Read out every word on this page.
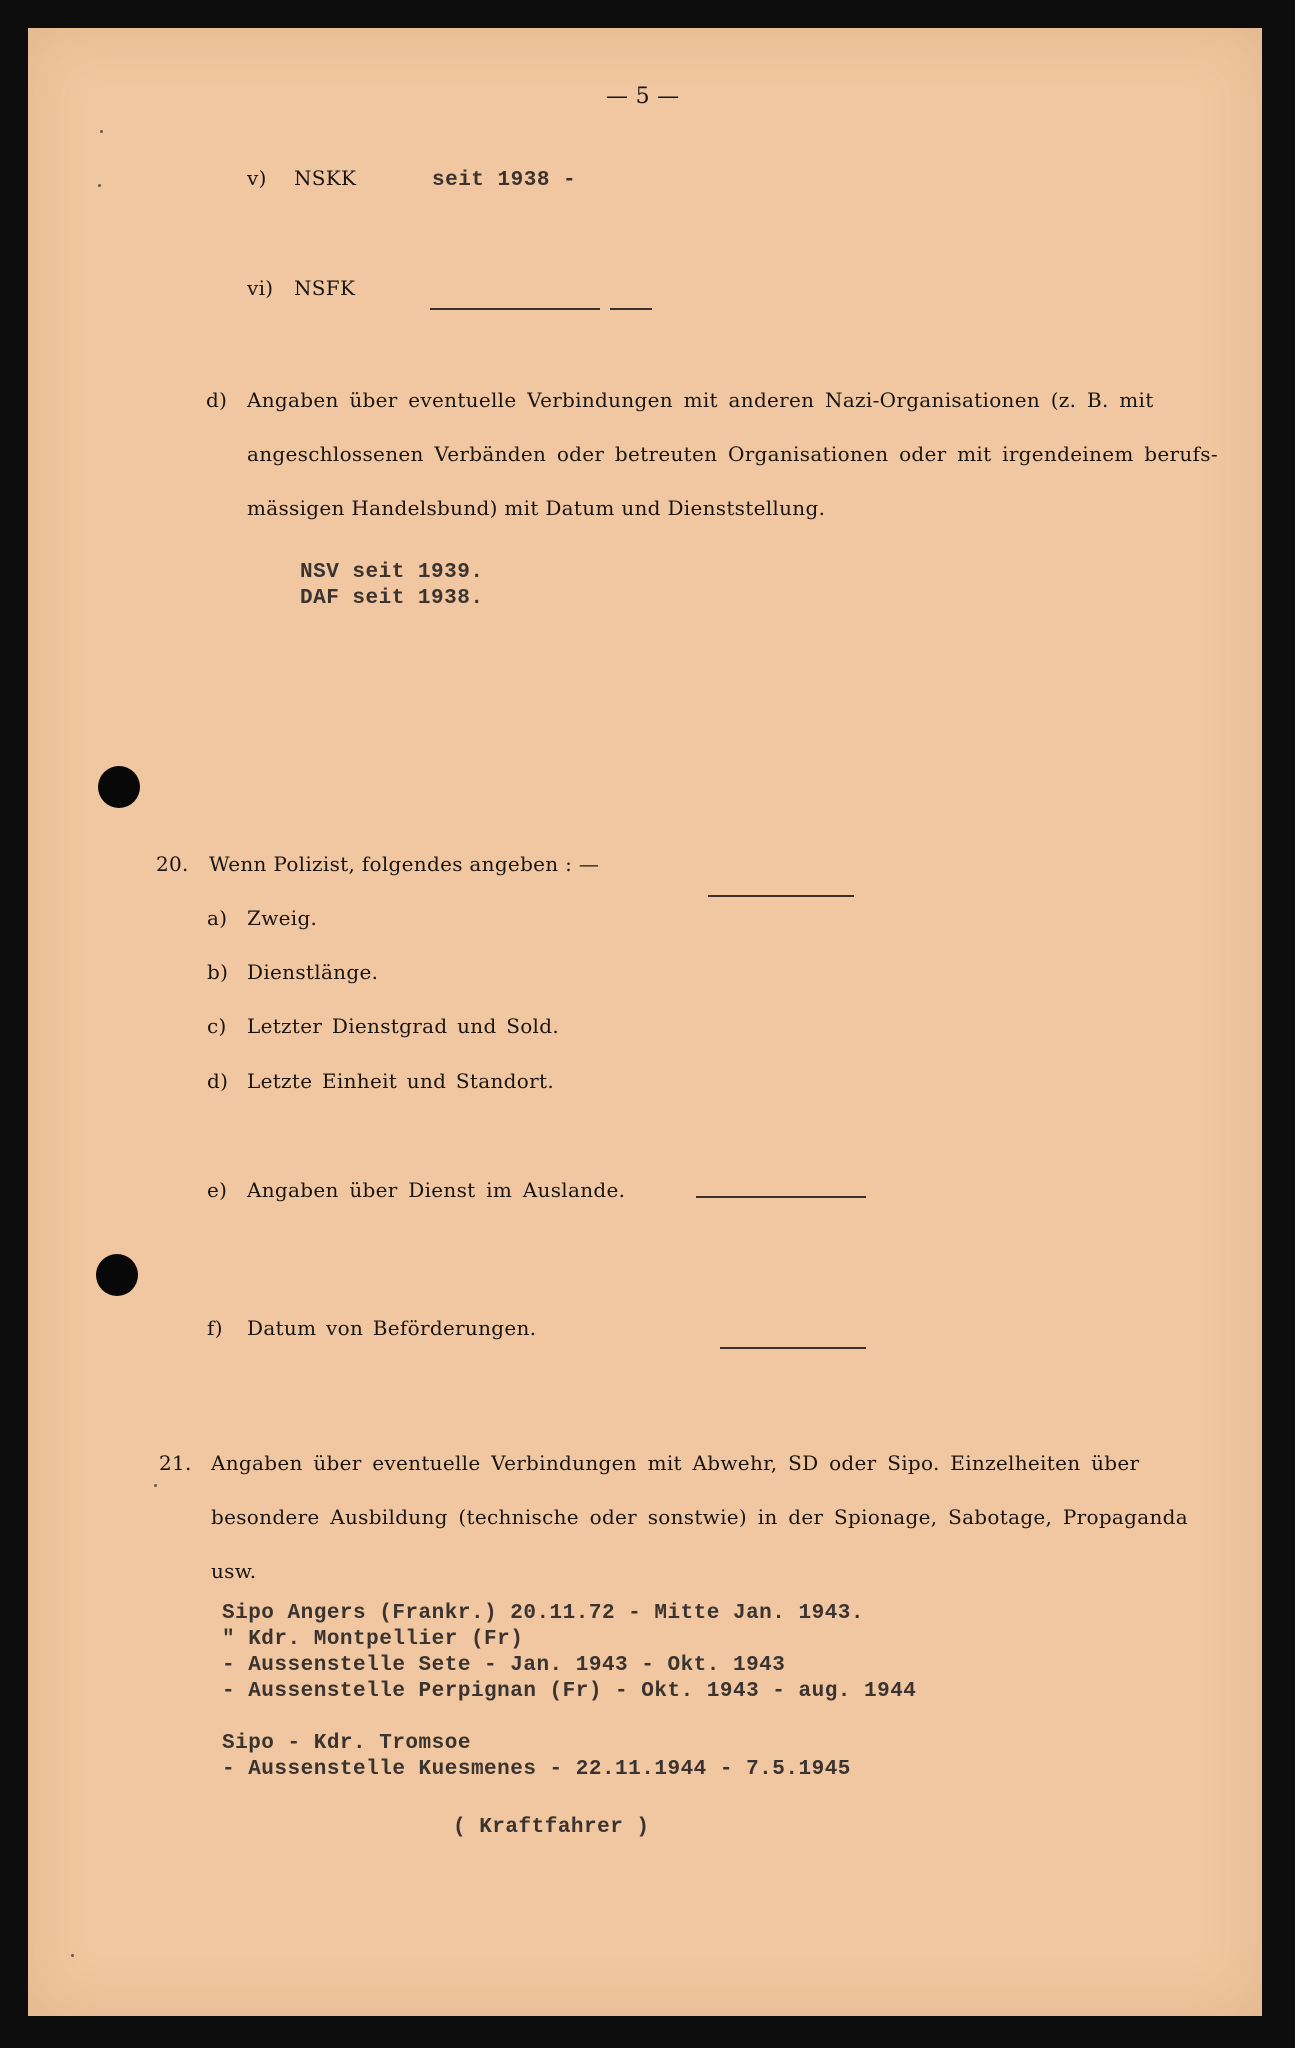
— 5 —
v) NSKK	seit 1938 -
vi) NSFK
d) Angaben über eventuelle Verbindungen mit anderen Nazi-Organisationen (z. B. mit
angeschlossenen Verbänden oder betreuten Organisationen oder mit irgendeinem berufs-
mässigen Handelsbund) mit Datum und Dienststellung.
NSV seit 1939.
DAF seit 1938.
20. Wenn Polizist, folgendes angeben : —
a) Zweig.
b) Dienstlänge.
c) Letzter Dienstgrad und Sold.
d) Letzte Einheit und Standort.
e) Angaben über Dienst im Auslande.
f) Datum von Beförderungen.
21. Angaben über eventuelle Verbindungen mit Abwehr, SD oder Sipo. Einzelheiten über
besondere Ausbildung (technische oder sonstwie) in der Spionage, Sabotage, Propaganda
usw.
Sipo Angers (Frankr.) 20.11.72 - Mitte Jan. 1943.
" Kdr. Montpellier (Fr)
- Aussenstelle Sete - Jan. 1943 - Okt. 1943
- Aussenstelle Perpignan (Fr) - Okt. 1943 - aug. 1944
Sipo - Kdr. Tromsoe
- Aussenstelle Kuesmenes - 22.11.1944 - 7.5.1945
( Kraftfahrer )
